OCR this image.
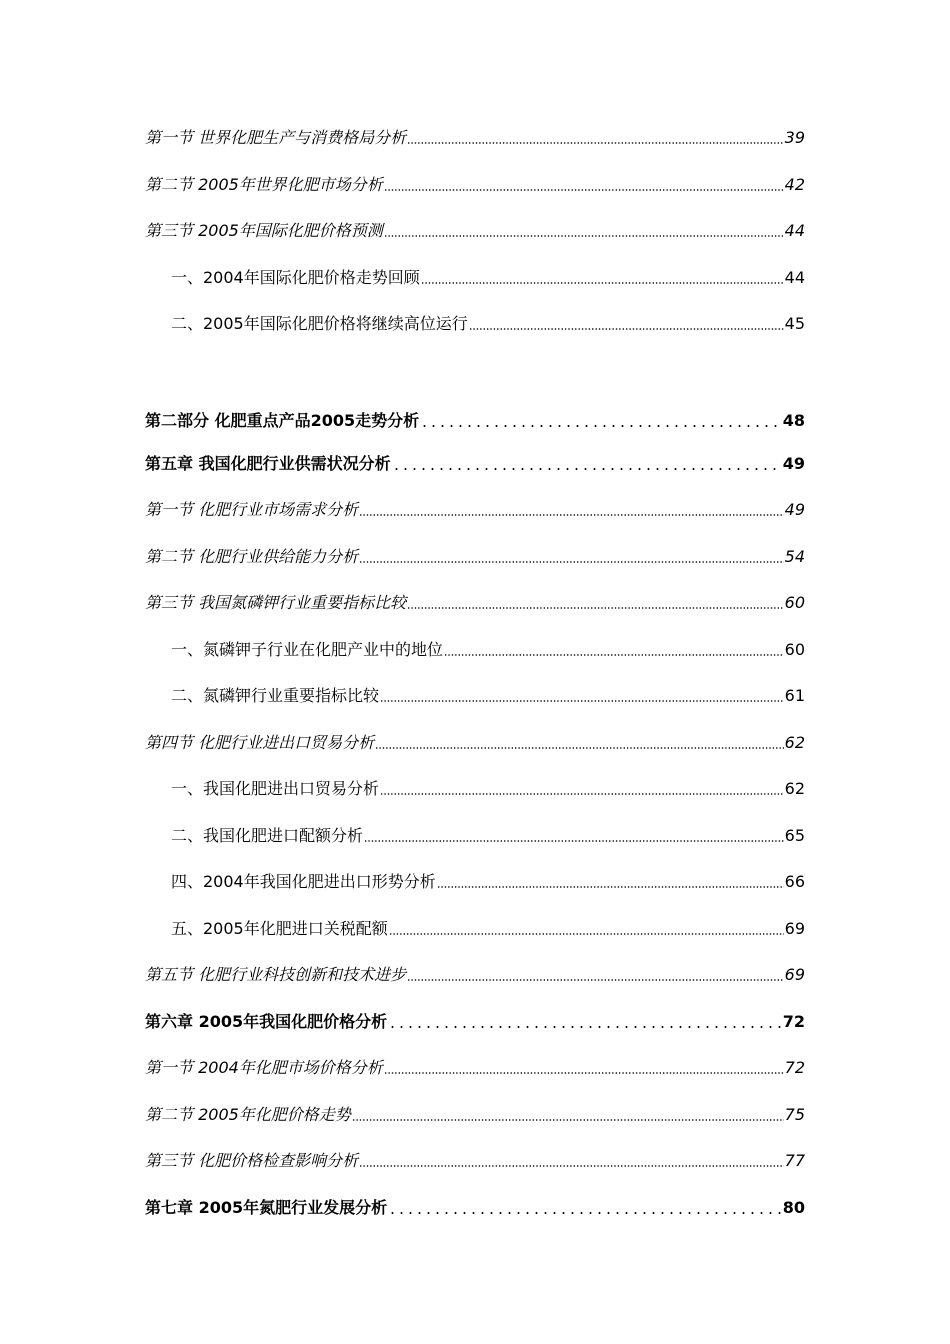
第一节 世界化肥生产与消费格局分析	39
第二节 2005年世界化肥市场分析	42
第三节 2005年国际化肥价格预测	44
一、2004年国际化肥价格走势回顾	44
二、2005年国际化肥价格将继续高位运行	45
第二部分 化肥重点产品2005走势分析	48
第五章 我国化肥行业供需状况分析	49
第一节 化肥行业市场需求分析	49
第二节 化肥行业供给能力分析	54
第三节 我国氮磷钾行业重要指标比较	60
一、氮磷钾子行业在化肥产业中的地位	60
二、氮磷钾行业重要指标比较	61
第四节 化肥行业进出口贸易分析	62
一、我国化肥进出口贸易分析	62
二、我国化肥进口配额分析	65
四、2004年我国化肥进出口形势分析	66
五、2005年化肥进口关税配额	69
第五节 化肥行业科技创新和技术进步	69
第六章 2005年我国化肥价格分析	72
第一节 2004年化肥市场价格分析	72
第二节 2005年化肥价格走势	75
第三节 化肥价格检查影响分析	77
第七章 2005年氮肥行业发展分析	80
